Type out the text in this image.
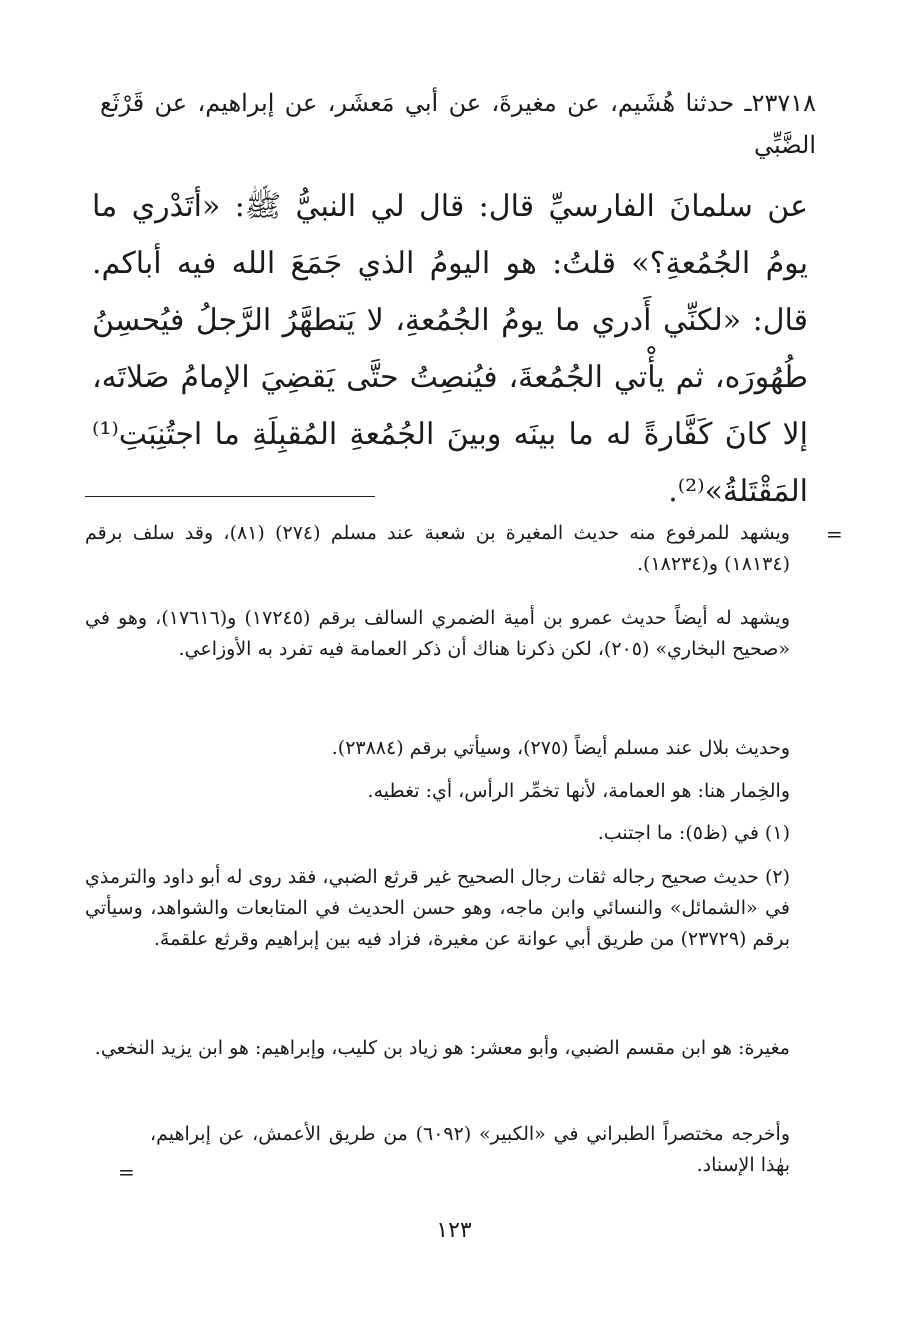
٢٣٧١٨ـ حدثنا هُشَيم، عن مغيرةَ، عن أبي مَعشَر، عن إبراهيم، عن قَرْثَع الضَّبِّي

عن سلمانَ الفارسيِّ قال: قال لي النبيُّ ﷺ: «أتَدْري ما يومُ الجُمُعةِ؟» قلتُ: هو اليومُ الذي جَمَعَ الله فيه أباكم. قال: «لكنِّي أَدري ما يومُ الجُمُعةِ، لا يَتطهَّرُ الرَّجلُ فيُحسِنُ طُهُورَه، ثم يأْتي الجُمُعةَ، فيُنصِتُ حتَّى يَقضِيَ الإمامُ صَلاتَه، إلا كانَ كَفَّارةً له ما بينَه وبينَ الجُمُعةِ المُقبِلَةِ ما اجتُنِبَتِ⁽¹⁾ المَقْتَلةُ»⁽²⁾.

=

ويشهد للمرفوع منه حديث المغيرة بن شعبة عند مسلم (٢٧٤) (٨١)، وقد سلف برقم (١٨١٣٤) و(١٨٢٣٤).

ويشهد له أيضاً حديث عمرو بن أمية الضمري السالف برقم (١٧٢٤٥) و(١٧٦١٦)، وهو في «صحيح البخاري» (٢٠٥)، لكن ذكرنا هناك أن ذكر العمامة فيه تفرد به الأوزاعي.

وحديث بلال عند مسلم أيضاً (٢٧٥)، وسيأتي برقم (٢٣٨٨٤).

والخِمار هنا: هو العمامة، لأنها تخمِّر الرأس، أي: تغطيه.

(١) في (ظ٥): ما اجتنب.

(٢) حديث صحيح رجاله ثقات رجال الصحيح غير قرثع الضبي، فقد روى له أبو داود والترمذي في «الشمائل» والنسائي وابن ماجه، وهو حسن الحديث في المتابعات والشواهد، وسيأتي برقم (٢٣٧٢٩) من طريق أبي عوانة عن مغيرة، فزاد فيه بين إبراهيم وقرثع علقمةَ.

مغيرة: هو ابن مقسم الضبي، وأبو معشر: هو زياد بن كليب، وإبراهيم: هو ابن يزيد النخعي.

وأخرجه مختصراً الطبراني في «الكبير» (٦٠٩٢) من طريق الأعمش، عن إبراهيم، بهٰذا الإسناد.

=
١٢٣
